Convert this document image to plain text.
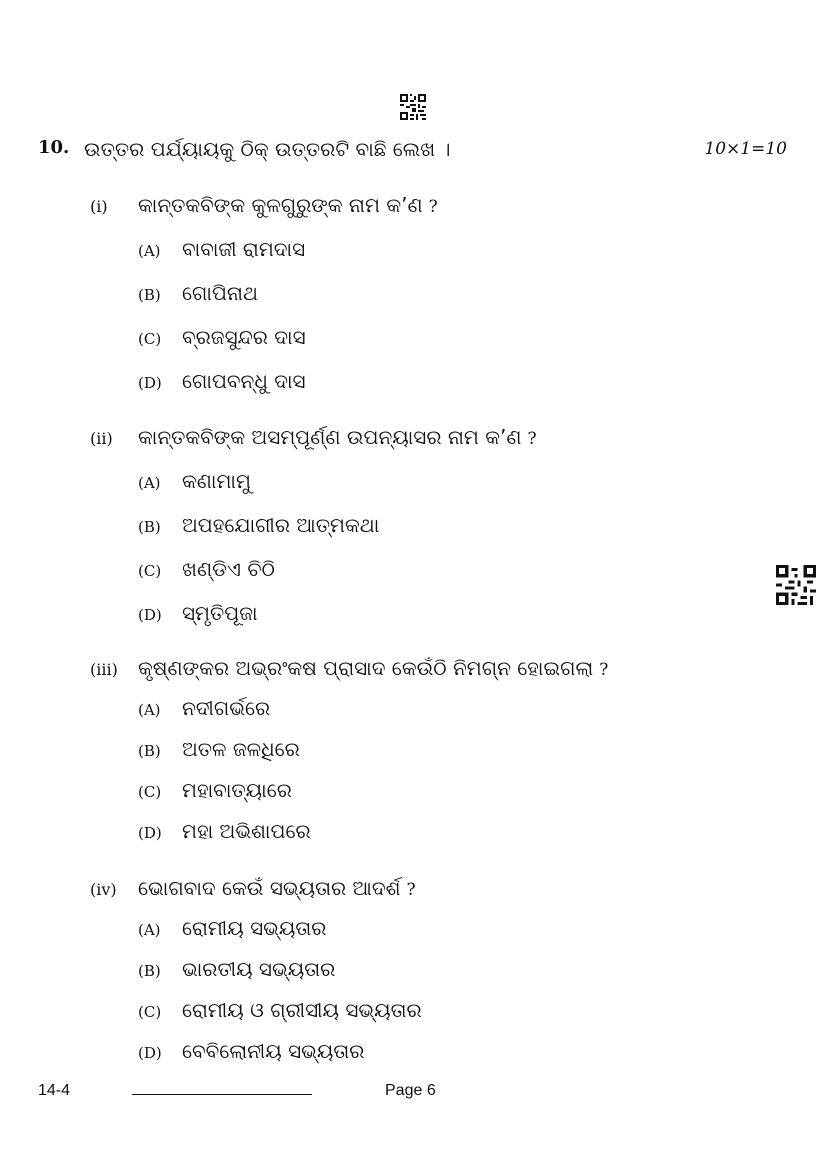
10. ଉତ୍ତର ପର୍ଯ୍ୟାୟକୁ ଠିକ୍ ଉତ୍ତରଟି ବାଛି ଲେଖ ।	10×1=10
(i) କାନ୍ତକବିଙ୍କ କୁଳଗୁରୁଙ୍କ ନାମ କ’ଣ ?
(A) ବାବାଜୀ ରାମଦାସ
(B) ଗୋପିନାଥ
(C) ବ୍ରଜସୁନ୍ଦର ଦାସ
(D) ଗୋପବନ୍ଧୁ ଦାସ
(ii) କାନ୍ତକବିଙ୍କ ଅସମ୍ପୂର୍ଣ୍ଣ ଉପନ୍ୟାସର ନାମ କ’ଣ ?
(A) କଣାମାମୁ
(B) ଅପହଯୋଗୀର ଆତ୍ମକଥା
(C) ଖଣ୍ଡିଏ ଚିଠି
(D) ସ୍ମୃତିପୂଜା
(iii) କୃଷ୍ଣଙ୍କର ଅଭ୍ରଂକଷ ପ୍ରାସାଦ କେଉଁଠି ନିମଗ୍ନ ହୋଇଗଲା ?
(A) ନଦୀଗର୍ଭରେ
(B) ଅତଳ ଜଳଧିରେ
(C) ମହାବାତ୍ୟାରେ
(D) ମହା ଅଭିଶାପରେ
(iv) ଭୋଗବାଦ କେଉଁ ସଭ୍ୟତାର ଆଦର୍ଶ ?
(A) ରୋମୀୟ ସଭ୍ୟତାର
(B) ଭାରତୀୟ ସଭ୍ୟତାର
(C) ରୋମୀୟ ଓ ଗ୍ରୀସୀୟ ସଭ୍ୟତାର
(D) ବେବିଲୋନୀୟ ସଭ୍ୟତାର
14-4	Page 6
